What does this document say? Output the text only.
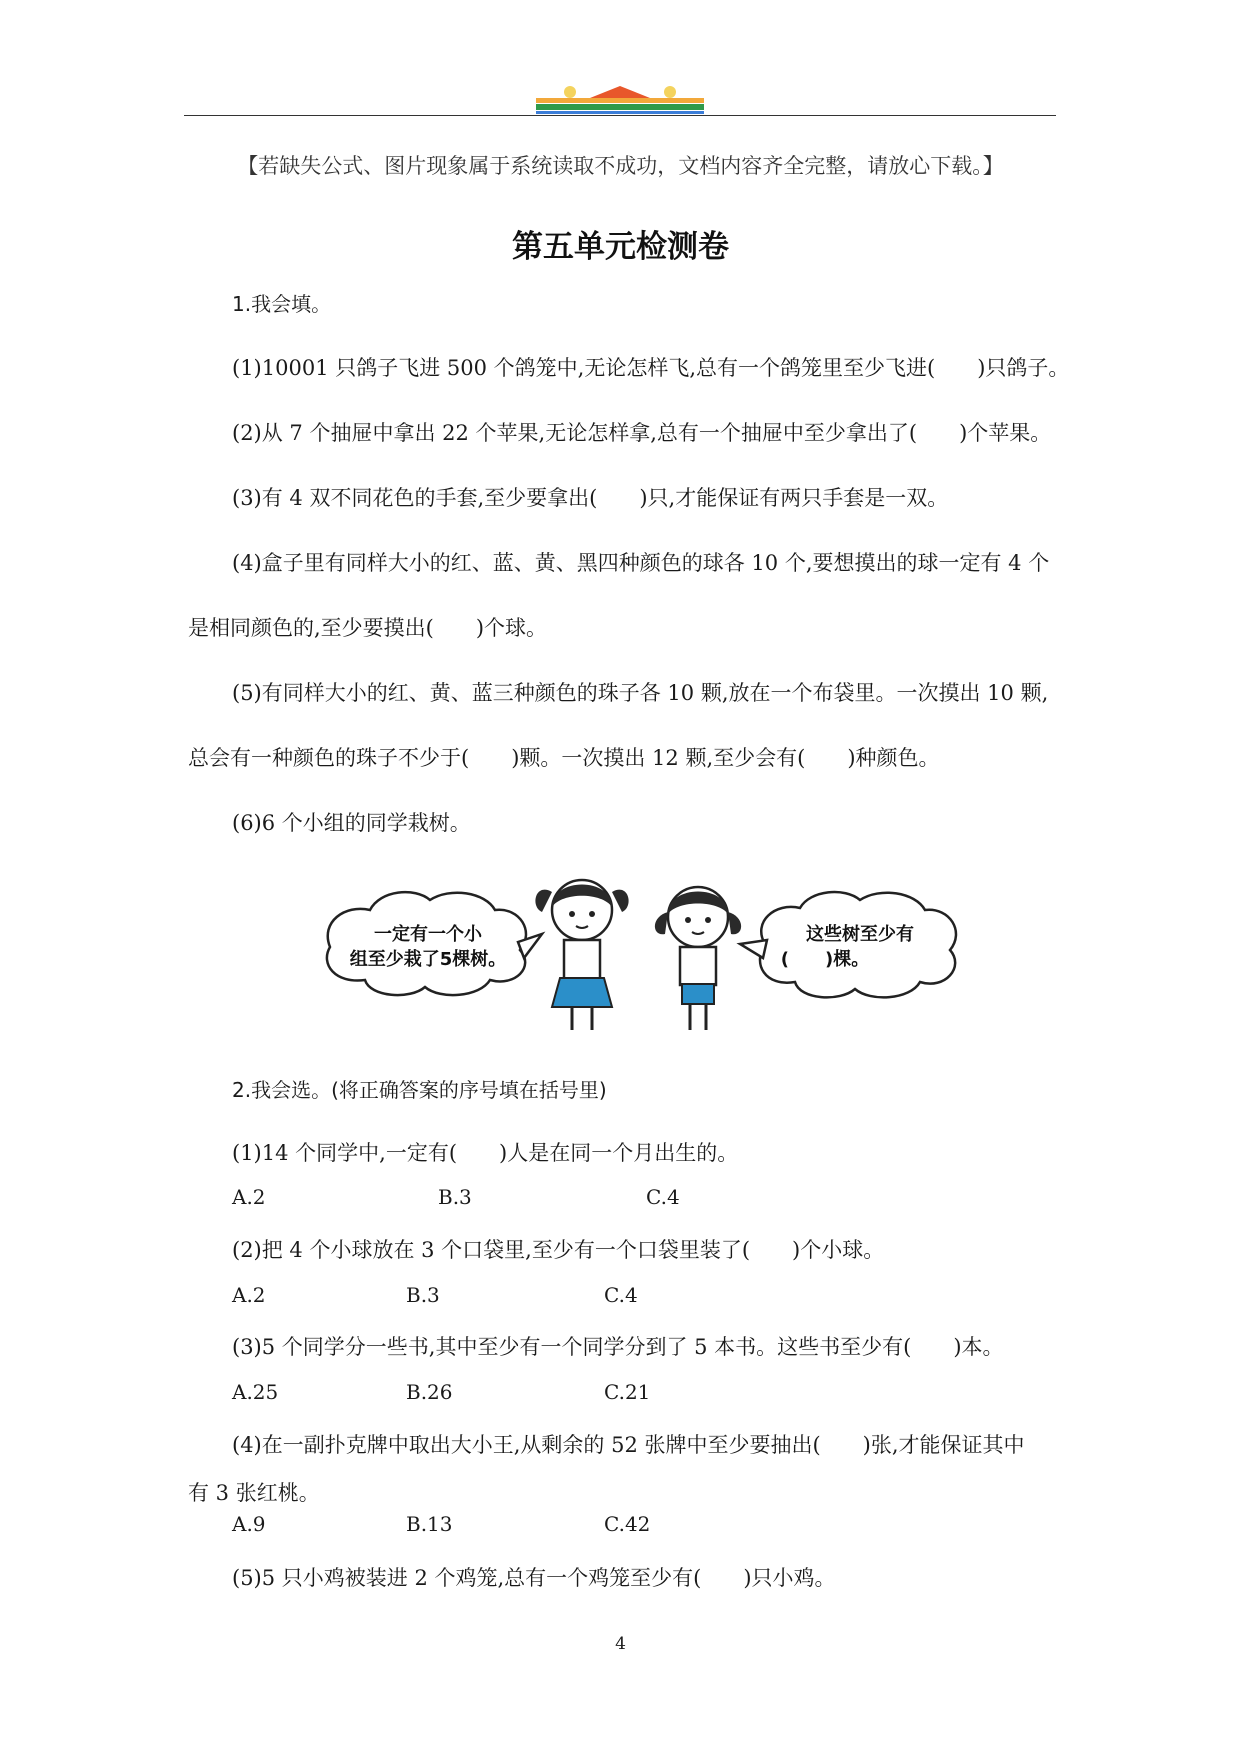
【若缺失公式、图片现象属于系统读取不成功，文档内容齐全完整，请放心下载。】
第五单元检测卷
1.我会填。
(1)10001 只鸽子飞进 500 个鸽笼中,无论怎样飞,总有一个鸽笼里至少飞进(　　)只鸽子。
(2)从 7 个抽屉中拿出 22 个苹果,无论怎样拿,总有一个抽屉中至少拿出了(　　)个苹果。
(3)有 4 双不同花色的手套,至少要拿出(　　)只,才能保证有两只手套是一双。
(4)盒子里有同样大小的红、蓝、黄、黑四种颜色的球各 10 个,要想摸出的球一定有 4 个
是相同颜色的,至少要摸出(　　)个球。
(5)有同样大小的红、黄、蓝三种颜色的珠子各 10 颗,放在一个布袋里。一次摸出 10 颗,
总会有一种颜色的珠子不少于(　　)颗。一次摸出 12 颗,至少会有(　　)种颜色。
(6)6 个小组的同学栽树。
一定有一个小
组至少栽了5棵树。
这些树至少有
(　　)棵。
2.我会选。(将正确答案的序号填在括号里)
(1)14 个同学中,一定有(　　)人是在同一个月出生的。
A.2	B.3	C.4
(2)把 4 个小球放在 3 个口袋里,至少有一个口袋里装了(　　)个小球。
A.2	B.3	C.4
(3)5 个同学分一些书,其中至少有一个同学分到了 5 本书。这些书至少有(　　)本。
A.25	B.26	C.21
(4)在一副扑克牌中取出大小王,从剩余的 52 张牌中至少要抽出(　　)张,才能保证其中
有 3 张红桃。
A.9	B.13	C.42
(5)5 只小鸡被装进 2 个鸡笼,总有一个鸡笼至少有(　　)只小鸡。
4
